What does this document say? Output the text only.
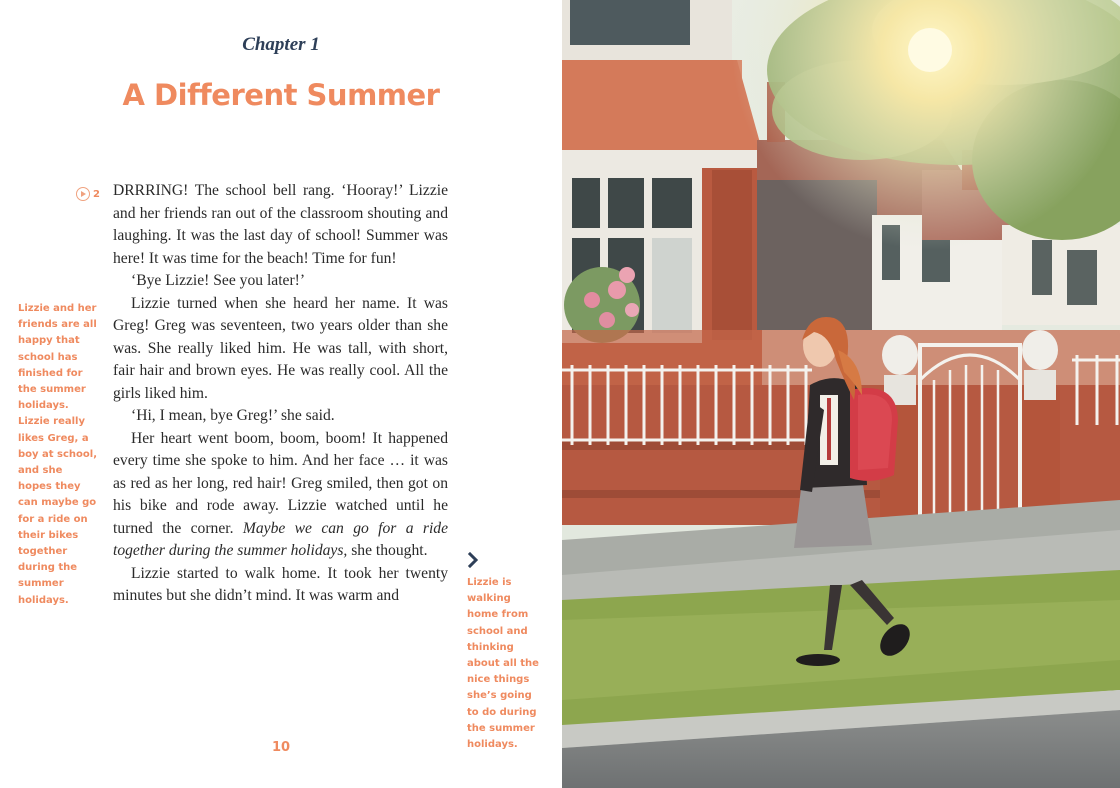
Chapter 1
A Different Summer
2
Lizzie and her friends are all happy that school has finished for the summer holidays. Lizzie really likes Greg, a boy at school, and she hopes they can maybe go for a ride on their bikes together during the summer holidays.

DRRRING! The school bell rang. ‘Hooray!’ Lizzie and her friends ran out of the classroom shouting and laughing. It was the last day of school! Summer was here! It was time for the beach! Time for fun!

‘Bye Lizzie! See you later!’

Lizzie turned when she heard her name. It was Greg! Greg was seventeen, two years older than she was. She really liked him. He was tall, with short, fair hair and brown eyes. He was really cool. All the girls liked him.

‘Hi, I mean, bye Greg!’ she said.

Her heart went boom, boom, boom! It happened every time she spoke to him. And her face … it was as red as her long, red hair! Greg smiled, then got on his bike and rode away. Lizzie watched until he turned the corner. Maybe we can go for a ride together during the summer holidays, she thought.

Lizzie started to walk home. It took her twenty minutes but she didn’t mind. It was warm and

Lizzie is walking home from school and thinking about all the nice things she’s going to do during the summer holidays.
10
